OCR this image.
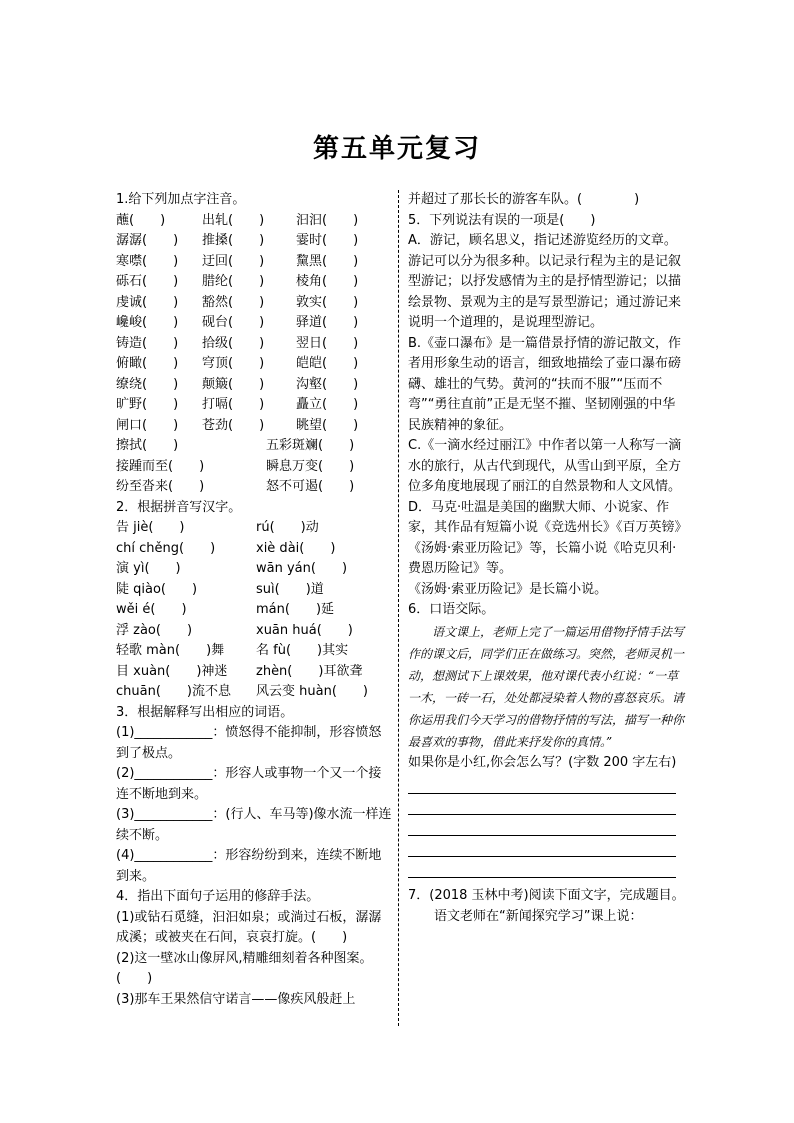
第五单元复习
1.给下列加点字注音。
蘸(　　)	出轧(　　) 汩汩(　　)
潺潺(　　) 推搡(　　) 霎时(　　)
寒噤(　　) 迂回(　　) 黧黑(　　)
砾石(　　) 腊纶(　　) 棱角(　　)
虔诚(　　) 豁然(　　) 敦实(　　)
巉峻(　　) 砚台(　　) 驿道(　　)
铸造(　　) 拾级(　　) 翌日(　　)
俯瞰(　　) 穹顶(　　) 皑皑(　　)
缭绕(　　) 颠簸(　　) 沟壑(　　)
旷野(　　) 打嗝(　　) 矗立(　　)
闸口(　　) 苍劲(　　) 眺望(　　)
擦拭(　　)	五彩斑斓(　　)
接踵而至(　　)	瞬息万变(　　)
纷至沓来(　　)	怒不可遏(　　)
2．根据拼音写汉字。
告 jiè(　　)	rú(　　)动
chí chěng(　　)	xiè dài(　　)
演 yì(　　)	wān yán(　　)
陡 qiào(　　)	suì(　　)道
wěi é(　　)	mán(　　)延
浮 zào(　　)	xuān huá(　　)
轻歌 màn(　　)舞 名 fù(　　)其实
目 xuàn(　　)神迷 zhèn(　　)耳欲聋
chuān(　　)流不息 风云变 huàn(　　)
3．根据解释写出相应的词语。
(1)____________：愤怒得不能抑制，形容愤怒到了极点。
(2)____________：形容人或事物一个又一个接连不断地到来。
(3)____________：(行人、车马等)像水流一样连续不断。
(4)____________：形容纷纷到来，连续不断地到来。
4．指出下面句子运用的修辞手法。
(1)或钻石觅缝，汩汩如泉；或淌过石板，潺潺成溪；或被夹在石间，哀哀打旋。(　　)
(2)这一壁冰山像屏风,精雕细刻着各种图案。(　　)
(3)那车王果然信守诺言——像疾风般赶上
并超过了那长长的游客车队。(　　　　)
5．下列说法有误的一项是(　　)
A．游记，顾名思义，指记述游览经历的文章。游记可以分为很多种。以记录行程为主的是记叙型游记；以抒发感情为主的是抒情型游记；以描绘景物、景观为主的是写景型游记；通过游记来说明一个道理的，是说理型游记。
B.《壶口瀑布》是一篇借景抒情的游记散文，作者用形象生动的语言，细致地描绘了壶口瀑布磅礴、雄壮的气势。黄河的“扶而不服”“压而不弯”“勇往直前”正是无坚不摧、坚韧刚强的中华民族精神的象征。
C.《一滴水经过丽江》中作者以第一人称写一滴水的旅行，从古代到现代，从雪山到平原，全方位多角度地展现了丽江的自然景物和人文风情。
D．马克·吐温是美国的幽默大师、小说家、作家，其作品有短篇小说《竞选州长》《百万英镑》《汤姆·索亚历险记》等，长篇小说《哈克贝利·费恩历险记》等。
《汤姆·索亚历险记》是长篇小说。
6．口语交际。
语文课上，老师上完了一篇运用借物抒情手法写作的课文后，同学们正在做练习。突然，老师灵机一动，想测试下上课效果，他对课代表小红说：“一草一木，一砖一石，处处都浸染着人物的喜怒哀乐。请你运用我们今天学习的借物抒情的写法，描写一种你最喜欢的事物，借此来抒发你的真情。”
如果你是小红,你会怎么写？(字数 200 字左右)
7．(2018 玉林中考)阅读下面文字，完成题目。
语文老师在“新闻探究学习”课上说：
